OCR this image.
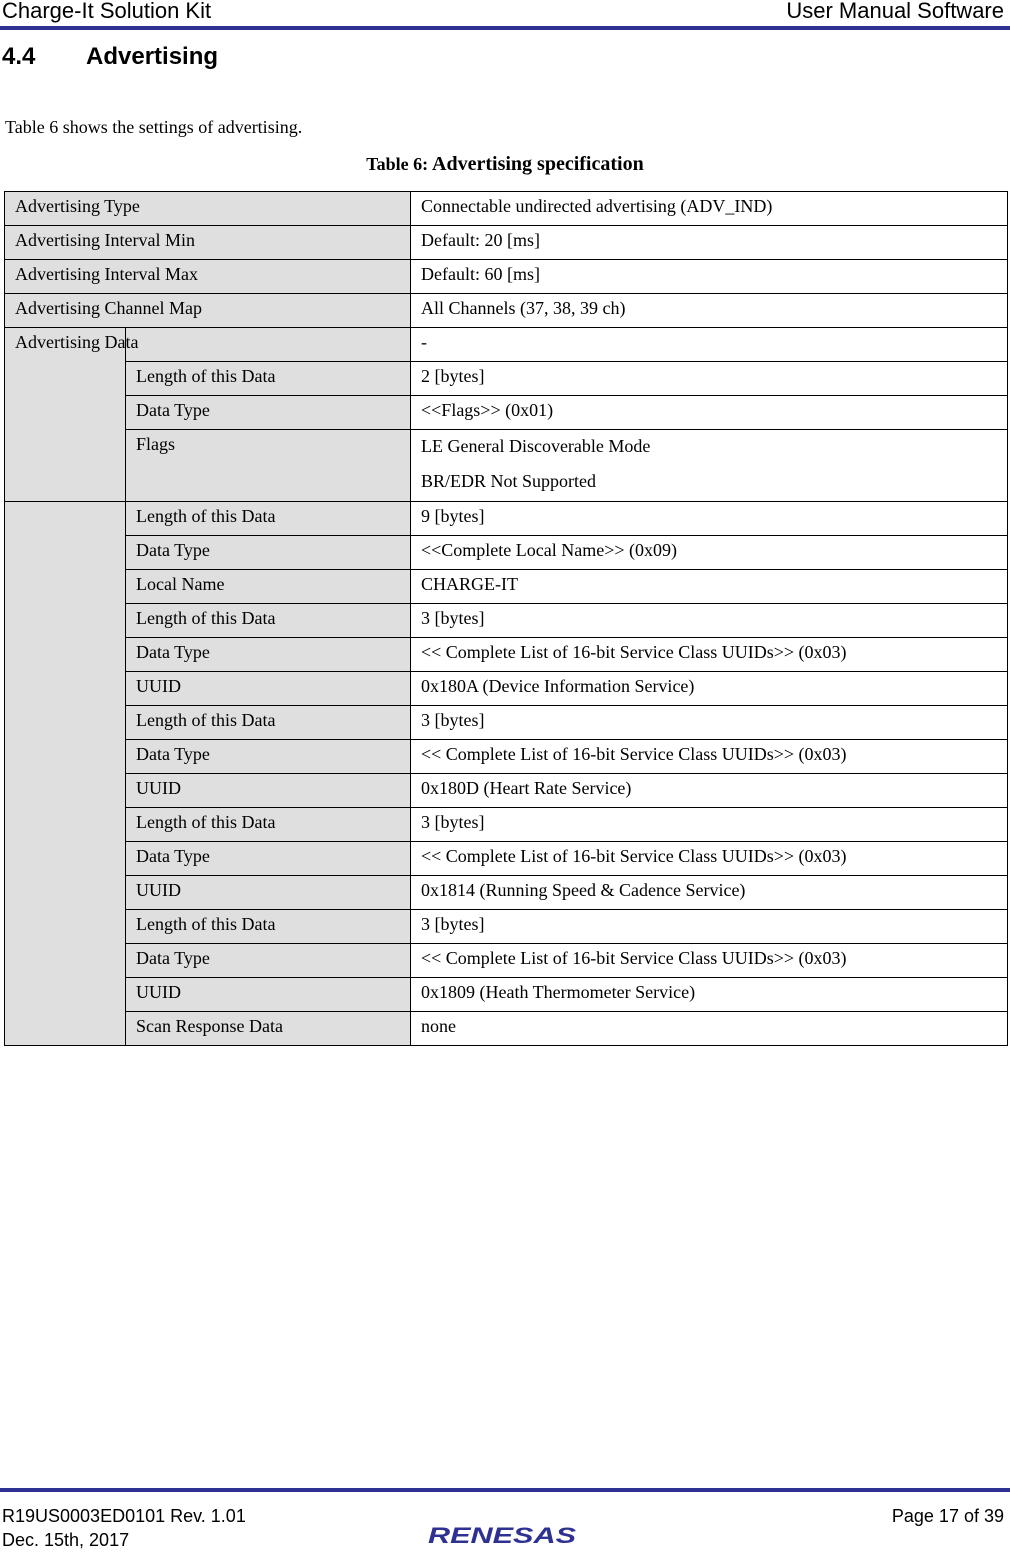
Charge-It Solution Kit	User Manual Software
4.4 Advertising
Table 6 shows the settings of advertising.
Table 6: Advertising specification
Advertising Type		Connectable undirected advertising (ADV_IND)
Advertising Interval Min		Default: 20 [ms]
Advertising Interval Max		Default: 60 [ms]
Advertising Channel Map		All Channels (37, 38, 39 ch)
Advertising Data		-
	Length of this Data	2 [bytes]
	Data Type	<<Flags>> (0x01)
	Flags	LE General Discoverable Mode
BR/EDR Not Supported

	Length of this Data	9 [bytes]
	Data Type	<<Complete Local Name>> (0x09)
	Local Name	CHARGE-IT
	Length of this Data	3 [bytes]
	Data Type	<< Complete List of 16-bit Service Class UUIDs>> (0x03)
	UUID	0x180A (Device Information Service)
	Length of this Data	3 [bytes]
	Data Type	<< Complete List of 16-bit Service Class UUIDs>> (0x03)
	UUID	0x180D (Heart Rate Service)
	Length of this Data	3 [bytes]
	Data Type	<< Complete List of 16-bit Service Class UUIDs>> (0x03)
	UUID	0x1814 (Running Speed & Cadence Service)
	Length of this Data	3 [bytes]
	Data Type	<< Complete List of 16-bit Service Class UUIDs>> (0x03)
	UUID	0x1809 (Heath Thermometer Service)
	Scan Response Data	none
R19US0003ED0101 Rev. 1.01
Dec. 15th, 2017
Page 17 of 39
RENESAS
